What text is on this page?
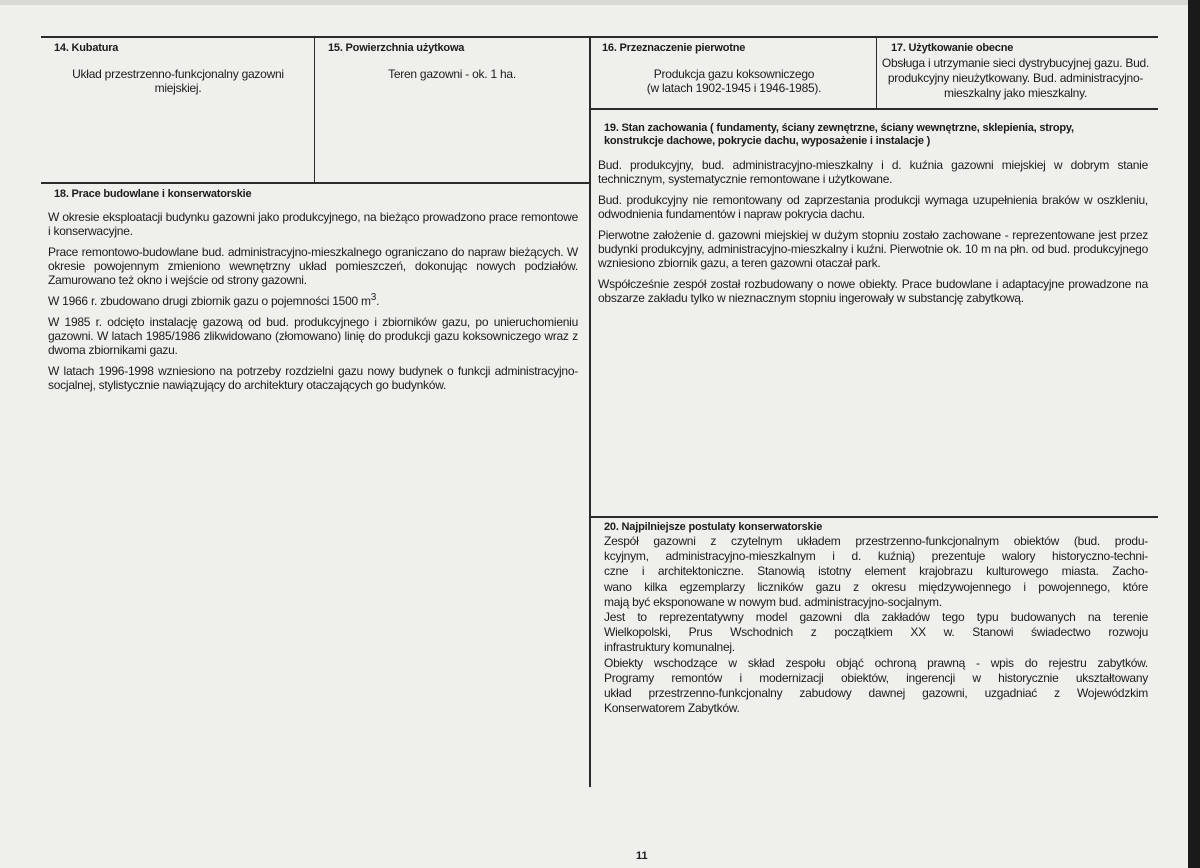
14. Kubatura
Układ przestrzenno-funkcjonalny gazowni miejskiej.
15. Powierzchnia użytkowa
Teren gazowni - ok. 1 ha.
16. Przeznaczenie pierwotne
Produkcja gazu koksowniczego
(w latach 1902-1945 i 1946-1985).
17. Użytkowanie obecne
Obsługa i utrzymanie sieci dystrybucyjnej gazu. Bud. produkcyjny nieużytkowany. Bud. administracyjno-mieszkalny jako mieszkalny.
18. Prace budowlane i konserwatorskie

W okresie eksploatacji budynku gazowni jako produkcyjnego, na bieżąco prowadzono prace remontowe i konserwacyjne.

Prace remontowo-budowlane bud. administracyjno-mieszkalnego ograniczano do napraw bieżących. W okresie powojennym zmieniono wewnętrzny układ pomieszczeń, dokonując nowych podziałów. Zamurowano też okno i wejście od strony gazowni.

W 1966 r. zbudowano drugi zbiornik gazu o pojemności 1500 $m^3$.

W 1985 r. odcięto instalację gazową od bud. produkcyjnego i zbiorników gazu, po unieruchomieniu gazowni. W latach 1985/1986 zlikwidowano (złomowano) linię do produkcji gazu koksowniczego wraz z dwoma zbiornikami gazu.

W latach 1996-1998 wzniesiono na potrzeby rozdzielni gazu nowy budynek o funkcji administracyjno-socjalnej, stylistycznie nawiązujący do architektury otaczających go budynków.

19. Stan zachowania ( fundamenty, ściany zewnętrzne, ściany wewnętrzne, sklepienia, stropy,
konstrukcje dachowe, pokrycie dachu, wyposażenie i instalacje )

Bud. produkcyjny, bud. administracyjno-mieszkalny i d. kuźnia gazowni miejskiej w dobrym stanie technicznym, systematycznie remontowane i użytkowane.

Bud. produkcyjny nie remontowany od zaprzestania produkcji wymaga uzupełnienia braków w oszkleniu, odwodnienia fundamentów i napraw pokrycia dachu.

Pierwotne założenie d. gazowni miejskiej w dużym stopniu zostało zachowane - reprezentowane jest przez budynki produkcyjny, administracyjno-mieszkalny i kuźni. Pierwotnie ok. 10 m na płn. od bud. produkcyjnego wzniesiono zbiornik gazu, a teren gazowni otaczał park.

Współcześnie zespół został rozbudowany o nowe obiekty. Prace budowlane i adaptacyjne prowadzone na obszarze zakładu tylko w nieznacznym stopniu ingerowały w substancję zabytkową.

20. Najpilniejsze postulaty konserwatorskie
Zespół gazowni z czytelnym układem przestrzenno-funkcjonalnym obiektów (bud. produ-
kcyjnym, administracyjno-mieszkalnym i d. kuźnią) prezentuje walory historyczno-techni-
czne i architektoniczne. Stanowią istotny element krajobrazu kulturowego miasta. Zacho-
wano kilka egzemplarzy liczników gazu z okresu międzywojennego i powojennego, które
mają być eksponowane w nowym bud. administracyjno-socjalnym.
Jest to reprezentatywny model gazowni dla zakładów tego typu budowanych na terenie
Wielkopolski, Prus Wschodnich z początkiem XX w. Stanowi świadectwo rozwoju
infrastruktury komunalnej.
Obiekty wschodzące w skład zespołu objąć ochroną prawną - wpis do rejestru zabytków.
Programy remontów i modernizacji obiektów, ingerencji w historycznie ukształtowany
układ przestrzenno-funkcjonalny zabudowy dawnej gazowni, uzgadniać z Wojewódzkim
Konserwatorem Zabytków.
11
